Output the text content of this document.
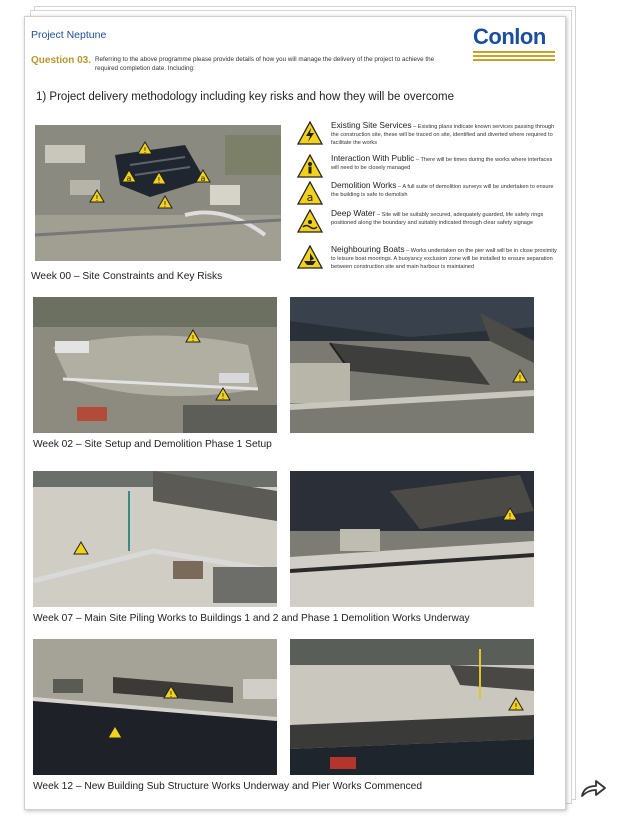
Project Neptune	Conlon
Question 03. Referring to the above programme please provide details of how you will manage the delivery of the project to achieve the required completion date. Including:
1) Project delivery methodology including key risks and how they will be overcome
!
a	!	a
!
!
Existing Site Services – Existing plans indicate known services passing through the construction site, these will be traced on site, identified and diverted where required to facilitate the works
Interaction With Public – There will be times during the works where interfaces will need to be closely managed
a
Demolition Works – A full suite of demolition surveys will be undertaken to ensure the building is safe to demolish
Deep Water – Site will be suitably secured, adequately guarded, life safety rings positioned along the boundary and suitably indicated through clear safety signage
Neighbouring Boats – Works undertaken on the pier wall will be in close proximity to leisure boat moorings. A buoyancy exclusion zone will be installed to ensure separation between construction site and main harbour is maintained
Week 00 – Site Constraints and Key Risks
!
!
!
Week 02 – Site Setup and Demolition Phase 1 Setup
!
Week 07 – Main Site Piling Works to Buildings 1 and 2 and Phase 1 Demolition Works Underway
!
!
Week 12 – New Building Sub Structure Works Underway and Pier Works Commenced
